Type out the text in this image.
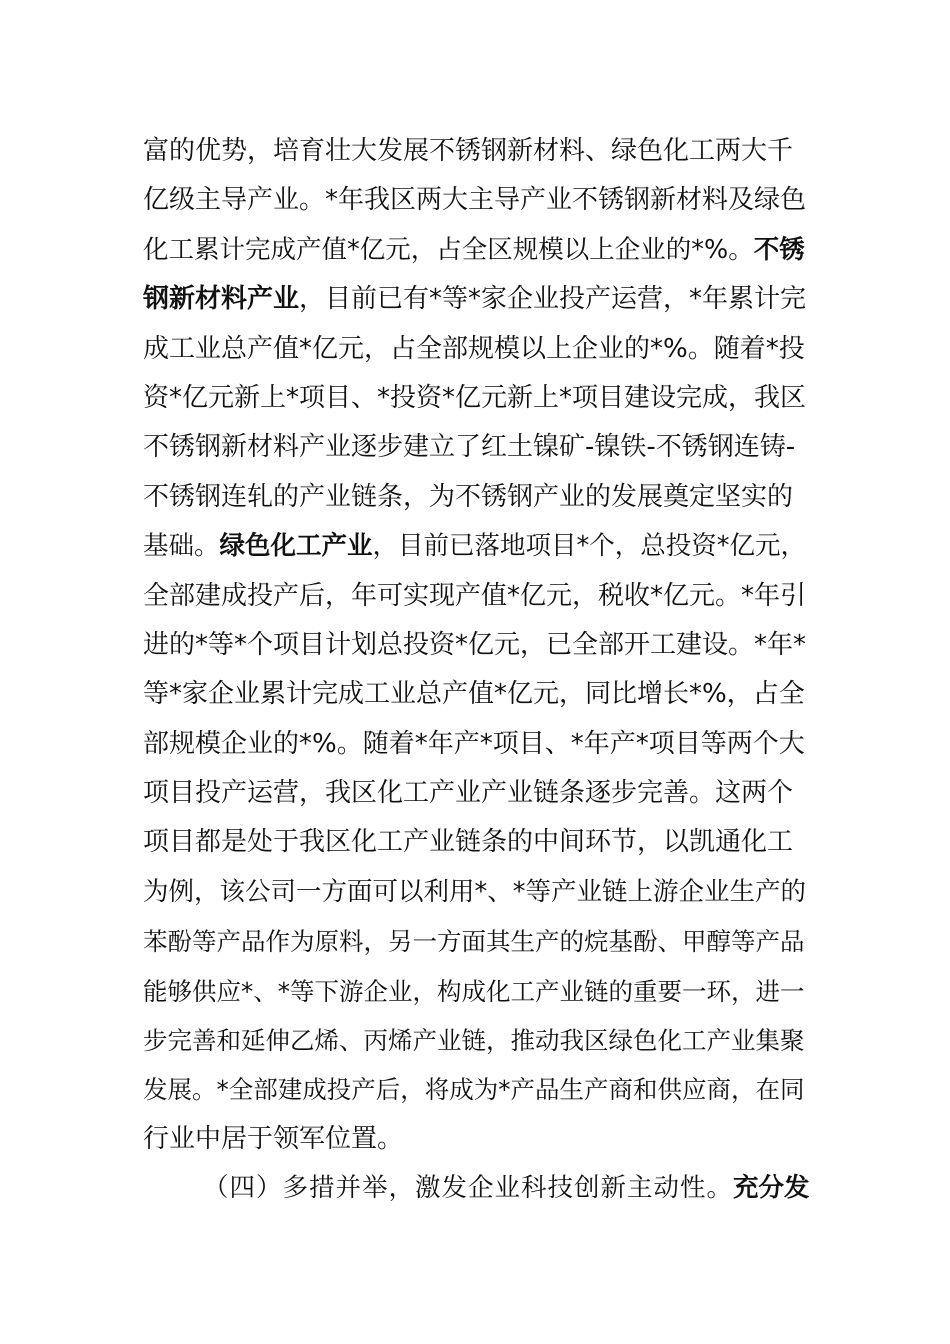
富的优势，培育壮大发展不锈钢新材料、绿色化工两大千
亿级主导产业。*年我区两大主导产业不锈钢新材料及绿色
化工累计完成产值*亿元，占全区规模以上企业的*%。不锈
钢新材料产业，目前已有*等*家企业投产运营，*年累计完
成工业总产值*亿元，占全部规模以上企业的*%。随着*投
资*亿元新上*项目、*投资*亿元新上*项目建设完成，我区
不锈钢新材料产业逐步建立了红土镍矿-镍铁-不锈钢连铸-
不锈钢连轧的产业链条，为不锈钢产业的发展奠定坚实的
基础。绿色化工产业，目前已落地项目*个，总投资*亿元，
全部建成投产后，年可实现产值*亿元，税收*亿元。*年引
进的*等*个项目计划总投资*亿元，已全部开工建设。*年*
等*家企业累计完成工业总产值*亿元，同比增长*%，占全
部规模企业的*%。随着*年产*项目、*年产*项目等两个大
项目投产运营，我区化工产业产业链条逐步完善。这两个
项目都是处于我区化工产业链条的中间环节，以凯通化工
为例，该公司一方面可以利用*、*等产业链上游企业生产的
苯酚等产品作为原料，另一方面其生产的烷基酚、甲醇等产品
能够供应*、*等下游企业，构成化工产业链的重要一环，进一
步完善和延伸乙烯、丙烯产业链，推动我区绿色化工产业集聚
发展。*全部建成投产后，将成为*产品生产商和供应商，在同
行业中居于领军位置。
（四）多措并举，激发企业科技创新主动性。充分发
